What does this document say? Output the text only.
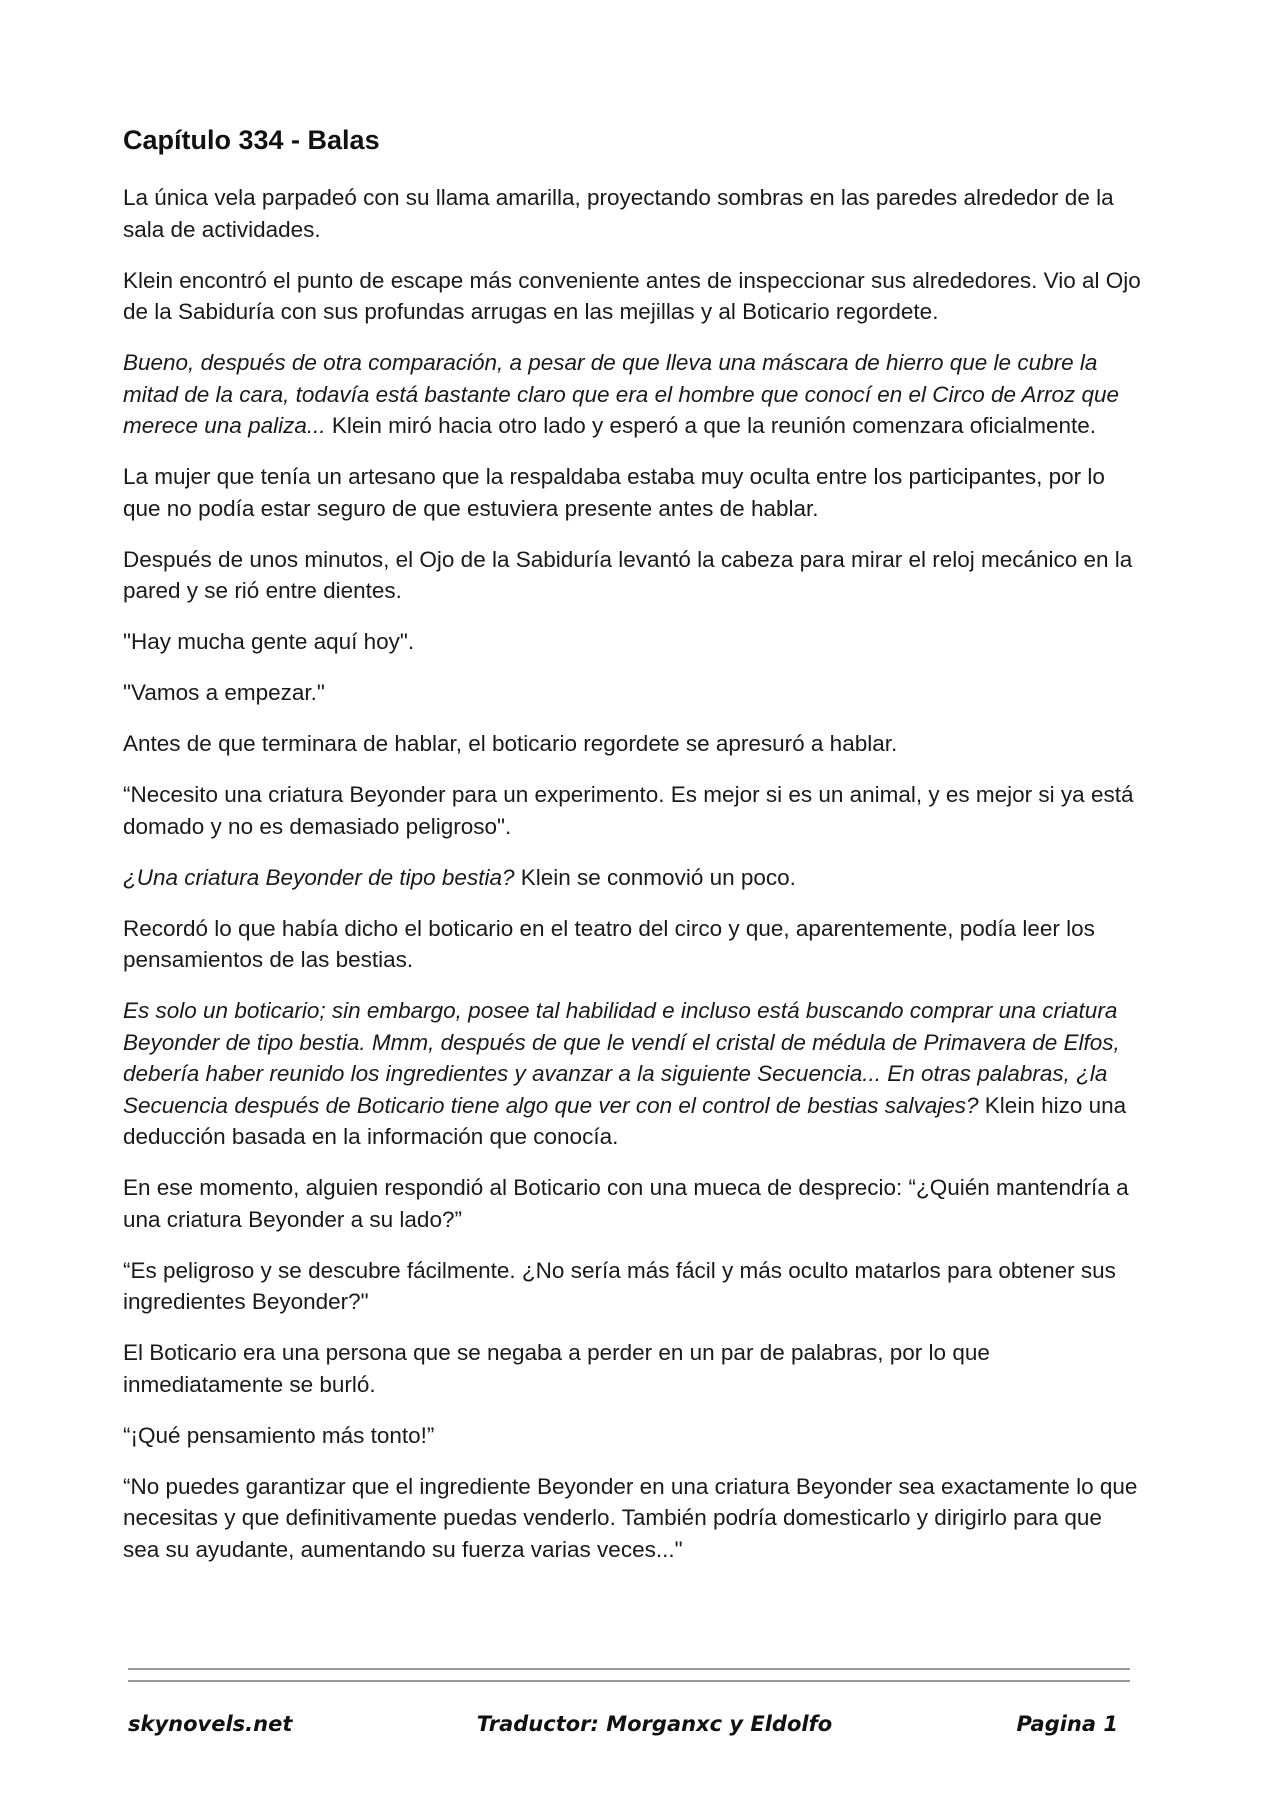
Capítulo 334 - Balas

La única vela parpadeó con su llama amarilla, proyectando sombras en las paredes alrededor de la sala de actividades.

Klein encontró el punto de escape más conveniente antes de inspeccionar sus alrededores. Vio al Ojo de la Sabiduría con sus profundas arrugas en las mejillas y al Boticario regordete.

Bueno, después de otra comparación, a pesar de que lleva una máscara de hierro que le cubre la mitad de la cara, todavía está bastante claro que era el hombre que conocí en el Circo de Arroz que merece una paliza... Klein miró hacia otro lado y esperó a que la reunión comenzara oficialmente.

La mujer que tenía un artesano que la respaldaba estaba muy oculta entre los participantes, por lo que no podía estar seguro de que estuviera presente antes de hablar.

Después de unos minutos, el Ojo de la Sabiduría levantó la cabeza para mirar el reloj mecánico en la pared y se rió entre dientes.

"Hay mucha gente aquí hoy".

"Vamos a empezar."

Antes de que terminara de hablar, el boticario regordete se apresuró a hablar.

“Necesito una criatura Beyonder para un experimento. Es mejor si es un animal, y es mejor si ya está domado y no es demasiado peligroso".

¿Una criatura Beyonder de tipo bestia? Klein se conmovió un poco.

Recordó lo que había dicho el boticario en el teatro del circo y que, aparentemente, podía leer los pensamientos de las bestias.

Es solo un boticario; sin embargo, posee tal habilidad e incluso está buscando comprar una criatura Beyonder de tipo bestia. Mmm, después de que le vendí el cristal de médula de Primavera de Elfos, debería haber reunido los ingredientes y avanzar a la siguiente Secuencia... En otras palabras, ¿la Secuencia después de Boticario tiene algo que ver con el control de bestias salvajes? Klein hizo una deducción basada en la información que conocía.

En ese momento, alguien respondió al Boticario con una mueca de desprecio: “¿Quién mantendría a una criatura Beyonder a su lado?”

“Es peligroso y se descubre fácilmente. ¿No sería más fácil y más oculto matarlos para obtener sus ingredientes Beyonder?"

El Boticario era una persona que se negaba a perder en un par de palabras, por lo que inmediatamente se burló.

“¡Qué pensamiento más tonto!”

“No puedes garantizar que el ingrediente Beyonder en una criatura Beyonder sea exactamente lo que necesitas y que definitivamente puedas venderlo. También podría domesticarlo y dirigirlo para que sea su ayudante, aumentando su fuerza varias veces..."

skynovels.net	Traductor: Morganxc y Eldolfo	Pagina 1
